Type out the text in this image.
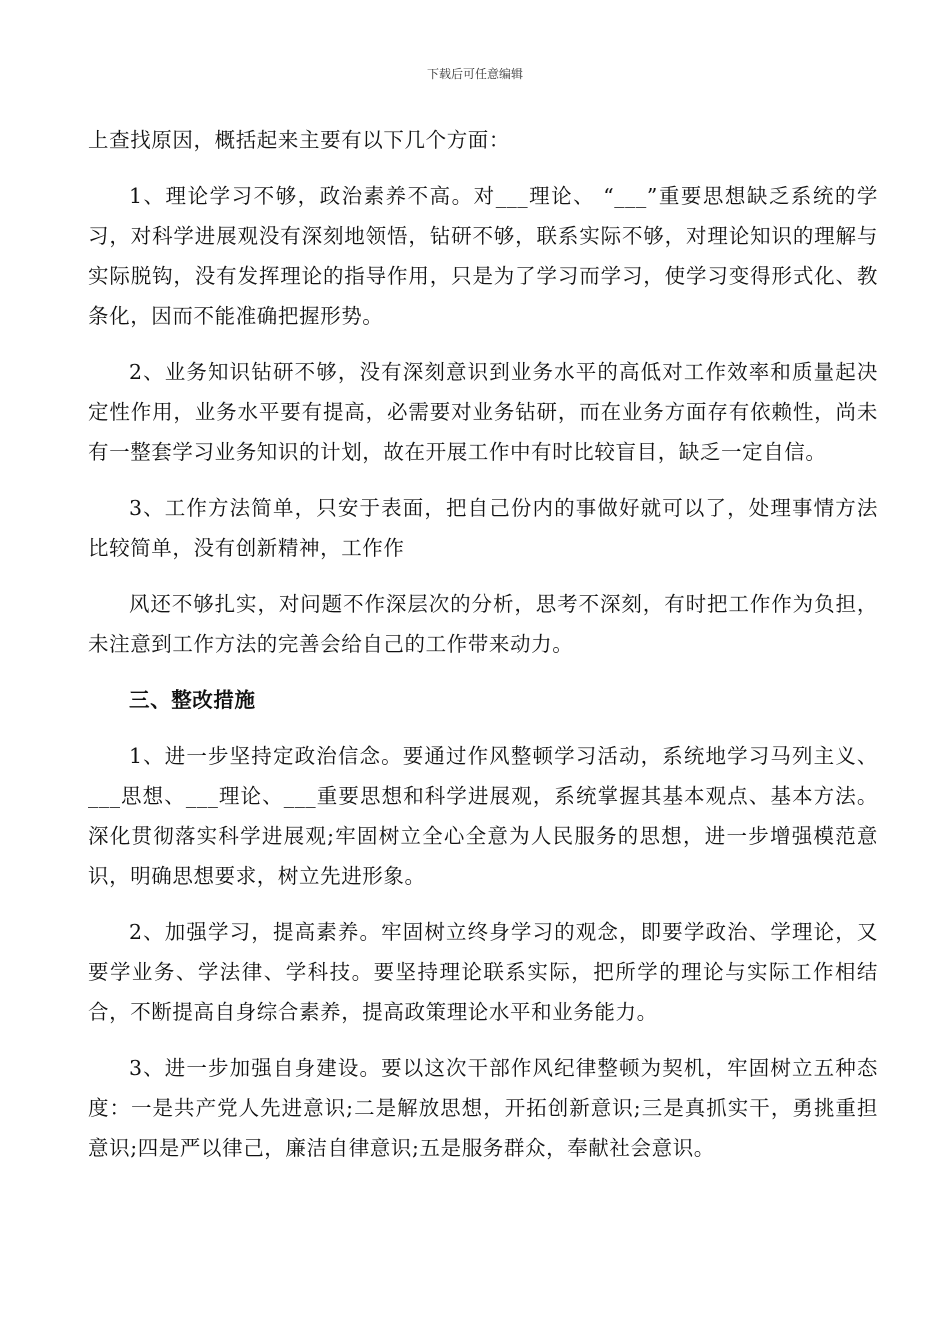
下载后可任意编辑

上查找原因，概括起来主要有以下几个方面：

1、理论学习不够，政治素养不高。对___理论、 “___”重要思想缺乏系统的学习，对科学进展观没有深刻地领悟，钻研不够，联系实际不够，对理论知识的理解与实际脱钩，没有发挥理论的指导作用，只是为了学习而学习，使学习变得形式化、教条化，因而不能准确把握形势。

2、业务知识钻研不够，没有深刻意识到业务水平的高低对工作效率和质量起决定性作用，业务水平要有提高，必需要对业务钻研，而在业务方面存有依赖性，尚未有一整套学习业务知识的计划，故在开展工作中有时比较盲目，缺乏一定自信。

3、工作方法简单，只安于表面，把自己份内的事做好就可以了，处理事情方法比较简单，没有创新精神，工作作

风还不够扎实，对问题不作深层次的分析，思考不深刻，有时把工作作为负担，未注意到工作方法的完善会给自己的工作带来动力。

三、整改措施

1、进一步坚持定政治信念。要通过作风整顿学习活动，系统地学习马列主义、___思想、___理论、___重要思想和科学进展观，系统掌握其基本观点、基本方法。深化贯彻落实科学进展观;牢固树立全心全意为人民服务的思想，进一步增强模范意识，明确思想要求，树立先进形象。

2、加强学习，提高素养。牢固树立终身学习的观念，即要学政治、学理论，又要学业务、学法律、学科技。要坚持理论联系实际，把所学的理论与实际工作相结合，不断提高自身综合素养，提高政策理论水平和业务能力。

3、进一步加强自身建设。要以这次干部作风纪律整顿为契机，牢固树立五种态度：一是共产党人先进意识;二是解放思想，开拓创新意识;三是真抓实干，勇挑重担意识;四是严以律己，廉洁自律意识;五是服务群众，奉献社会意识。
